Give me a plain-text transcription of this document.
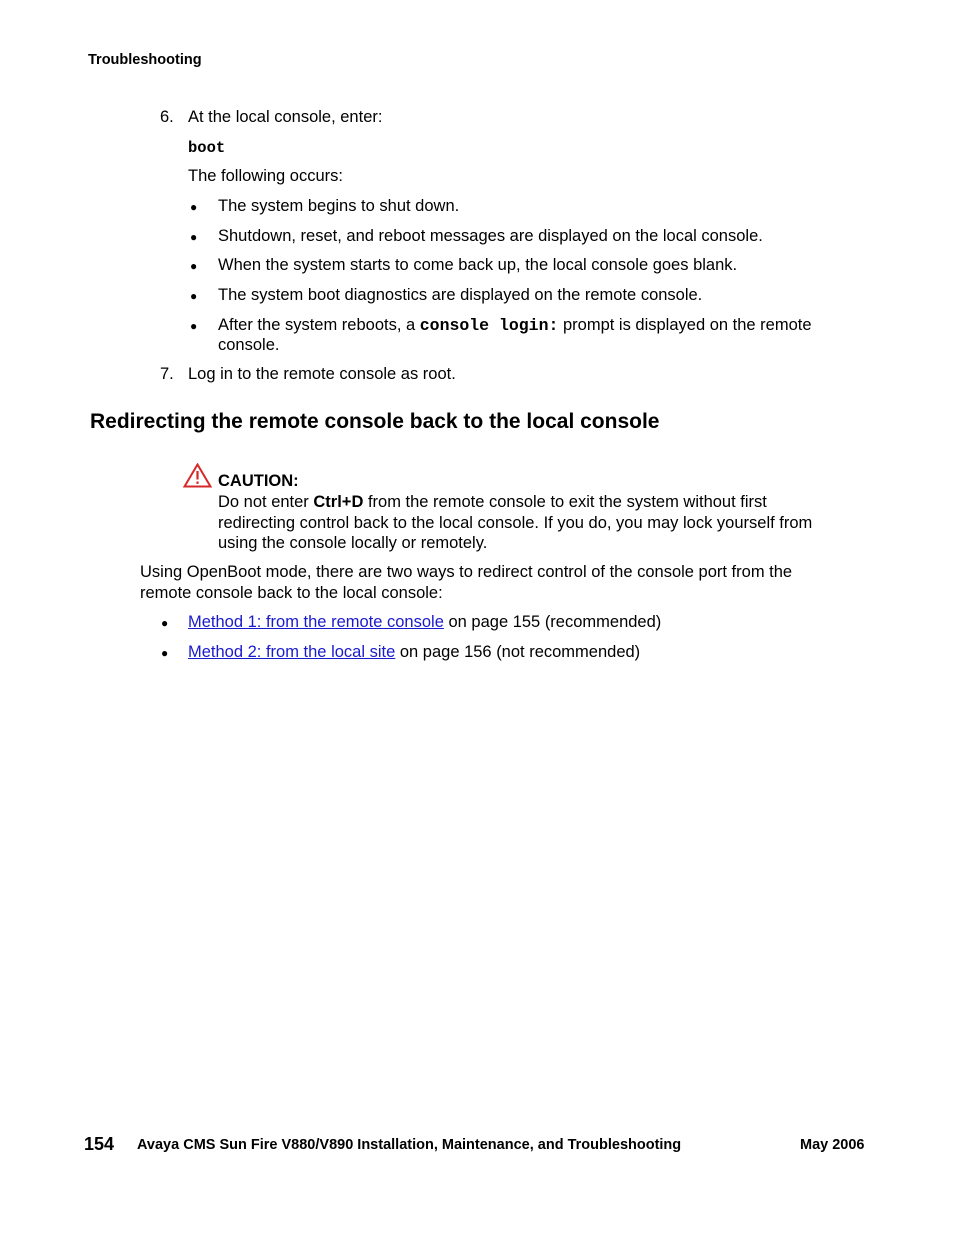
Troubleshooting
6. At the local console, enter:
boot
The following occurs:
● The system begins to shut down.
● Shutdown, reset, and reboot messages are displayed on the local console.
● When the system starts to come back up, the local console goes blank.
● The system boot diagnostics are displayed on the remote console.
● After the system reboots, a console login: prompt is displayed on the remote
console.
7. Log in to the remote console as root.
Redirecting the remote console back to the local console
CAUTION:
Do not enter Ctrl+D from the remote console to exit the system without first
redirecting control back to the local console. If you do, you may lock yourself from
using the console locally or remotely.
Using OpenBoot mode, there are two ways to redirect control of the console port from the
remote console back to the local console:
● Method 1: from the remote console on page 155 (recommended)
● Method 2: from the local site on page 156 (not recommended)
154 Avaya CMS Sun Fire V880/V890 Installation, Maintenance, and Troubleshooting	May 2006
